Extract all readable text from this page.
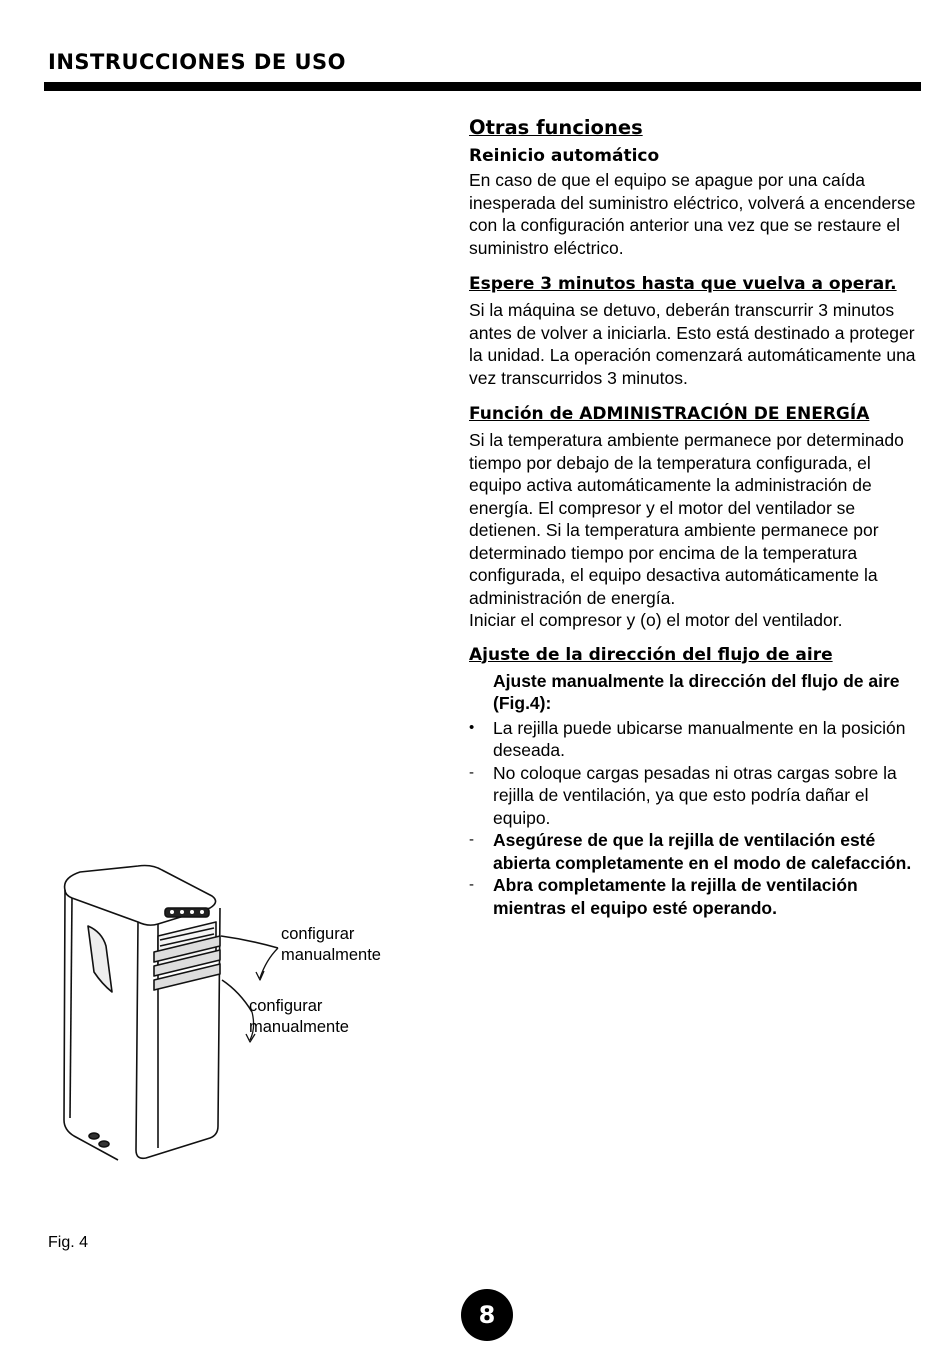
INSTRUCCIONES DE USO
Otras funciones
Reinicio automático

En caso de que el equipo se apague por una caída inesperada del suministro eléctrico, volverá a encenderse con la configuración anterior una vez que se restaure el suministro eléctrico.

Espere 3 minutos hasta que vuelva a operar.

Si la máquina se detuvo, deberán transcurrir 3 minutos antes de volver a iniciarla. Esto está destinado a proteger la unidad. La operación comenzará automáticamente una vez transcurridos 3 minutos.

Función de ADMINISTRACIÓN DE ENERGÍA

Si la temperatura ambiente permanece por determinado tiempo por debajo de la temperatura configurada, el equipo activa automáticamente la administración de energía. El compresor y el motor del ventilador se detienen. Si la temperatura ambiente permanece por determinado tiempo por encima de la temperatura configurada, el equipo desactiva automáticamente la administración de energía.

Iniciar el compresor y (o) el motor del ventilador.

Ajuste de la dirección del flujo de aire

Ajuste manualmente la dirección del flujo de aire (Fig.4):

•	La rejilla puede ubicarse manualmente en la posición deseada.
-	No coloque cargas pesadas ni otras cargas sobre la rejilla de ventilación, ya que esto podría dañar el equipo.
-	Asegúrese de que la rejilla de ventilación esté abierta completamente en el modo de calefacción.
-	Abra completamente la rejilla de ventilación mientras el equipo esté operando.
configurar manualmente
configurar manualmente
Fig. 4
8
